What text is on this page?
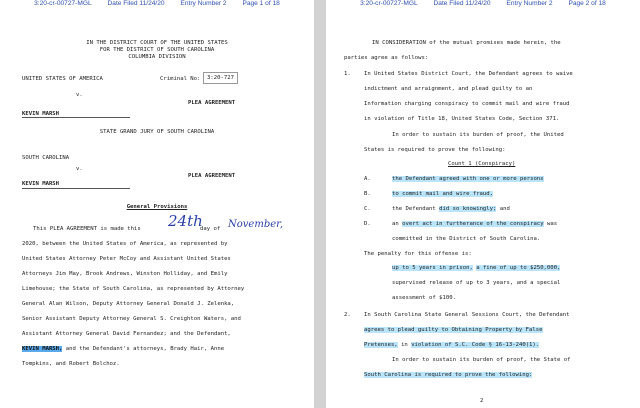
3:20-cr-00727-MGL Date Filed 11/24/20 Entry Number 2 Page 1 of 18
IN THE DISTRICT COURT OF THE UNITED STATES
FOR THE DISTRICT OF SOUTH CAROLINA
COLUMBIA DIVISION
UNITED STATES OF AMERICA	Criminal No:	3:20-727
v.
PLEA AGREEMENT
KEVIN MARSH
STATE GRAND JURY OF SOUTH CAROLINA
SOUTH CAROLINA
v.
PLEA AGREEMENT
KEVIN MARSH
General Provisions
This PLEA AGREEMENT is made this 24th
day of November,
2020, between the United States of America, as represented by
United States Attorney Peter McCoy and Assistant United States
Attorneys Jim May, Brook Andrews, Winston Holliday, and Emily
Limehouse; the State of South Carolina, as represented by Attorney
General Alan Wilson, Deputy Attorney General Donald J. Zelenka,
Senior Assistant Deputy Attorney General S. Creighton Waters, and
Assistant Attorney General David Fernandez; and the Defendant,
KEVIN MARSH, and the Defendant's attorneys, Brady Hair, Anne
Tompkins, and Robert Bolchoz.
3:20-cr-00727-MGL Date Filed 11/24/20 Entry Number 2 Page 2 of 18
IN CONSIDERATION of the mutual promises made herein, the
parties agree as follows:
1. In United States District Court, the Defendant agrees to waive
indictment and arraignment, and plead guilty to an
Information charging conspiracy to commit mail and wire fraud
in violation of Title 18, United States Code, Section 371.
In order to sustain its burden of proof, the United
States is required to prove the following:
Count 1 (Conspiracy)
A.	the Defendant agreed with one or more persons
B.	to commit mail and wire fraud,
C.	the Defendant did so knowingly; and
D.	an overt act in furtherance of the conspiracy was
committed in the District of South Carolina.
The penalty for this offense is:
up to 5 years in prison, a fine of up to $250,000,
supervised release of up to 3 years, and a special
assessment of $100.
2. In South Carolina State General Sessions Court, the Defendant
agrees to plead guilty to Obtaining Property by False
Pretenses, in violation of S.C. Code § 16-13-240(1).
In order to sustain its burden of proof, the State of
South Carolina is required to prove the following:
2
